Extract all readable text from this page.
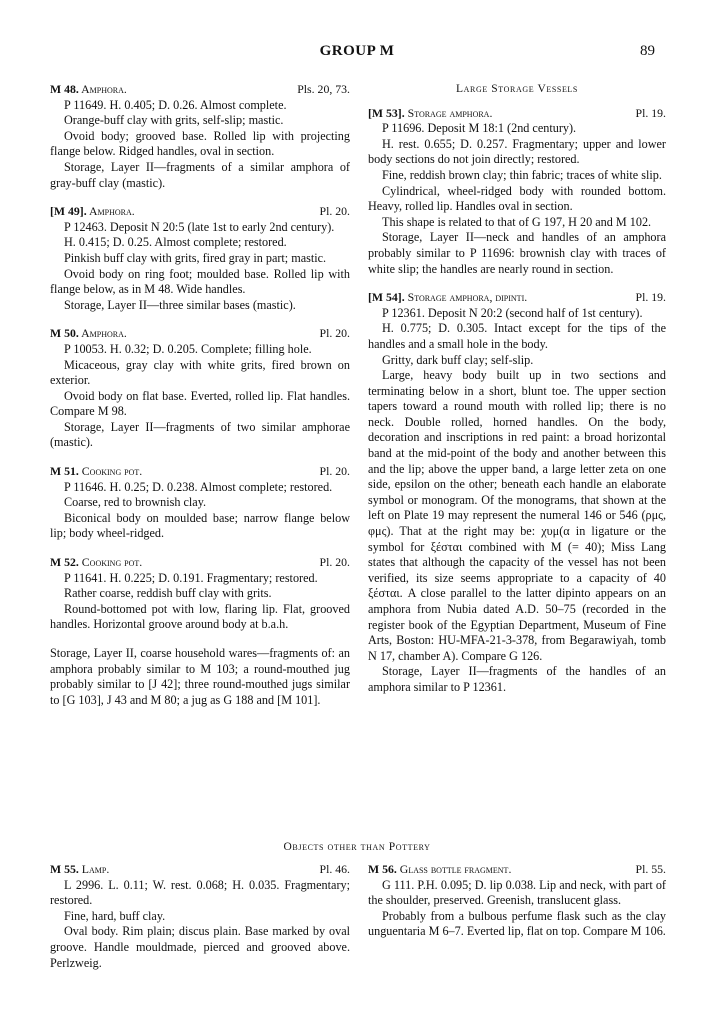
GROUP M	89
M 48. Amphora.	Pls. 20, 73.

P 11649. H. 0.405; D. 0.26. Almost complete.

Orange-buff clay with grits, self-slip; mastic.

Ovoid body; grooved base. Rolled lip with projecting flange below. Ridged handles, oval in section.

Storage, Layer II—fragments of a similar amphora of gray-buff clay (mastic).

[M 49]. Amphora.	Pl. 20.

P 12463. Deposit N 20:5 (late 1st to early 2nd century).

H. 0.415; D. 0.25. Almost complete; restored.

Pinkish buff clay with grits, fired gray in part; mastic.

Ovoid body on ring foot; moulded base. Rolled lip with flange below, as in M 48. Wide handles.

Storage, Layer II—three similar bases (mastic).

M 50. Amphora.	Pl. 20.

P 10053. H. 0.32; D. 0.205. Complete; filling hole.

Micaceous, gray clay with white grits, fired brown on exterior.

Ovoid body on flat base. Everted, rolled lip. Flat handles. Compare M 98.

Storage, Layer II—fragments of two similar amphorae (mastic).

M 51. Cooking pot.	Pl. 20.

P 11646. H. 0.25; D. 0.238. Almost complete; restored.

Coarse, red to brownish clay.

Biconical body on moulded base; narrow flange below lip; body wheel-ridged.

M 52. Cooking pot.	Pl. 20.

P 11641. H. 0.225; D. 0.191. Fragmentary; restored.

Rather coarse, reddish buff clay with grits.

Round-bottomed pot with low, flaring lip. Flat, grooved handles. Horizontal groove around body at b.a.h.

Storage, Layer II, coarse household wares—fragments of: an amphora probably similar to M 103; a round-mouthed jug probably similar to [J 42]; three round-mouthed jugs similar to [G 103], J 43 and M 80; a jug as G 188 and [M 101].

Large Storage Vessels
[M 53]. Storage amphora.	Pl. 19.

P 11696. Deposit M 18:1 (2nd century).

H. rest. 0.655; D. 0.257. Fragmentary; upper and lower body sections do not join directly; restored.

Fine, reddish brown clay; thin fabric; traces of white slip.

Cylindrical, wheel-ridged body with rounded bottom. Heavy, rolled lip. Handles oval in section.

This shape is related to that of G 197, H 20 and M 102.

Storage, Layer II—neck and handles of an amphora probably similar to P 11696: brownish clay with traces of white slip; the handles are nearly round in section.

[M 54]. Storage amphora, dipinti.	Pl. 19.

P 12361. Deposit N 20:2 (second half of 1st century).

H. 0.775; D. 0.305. Intact except for the tips of the handles and a small hole in the body.

Gritty, dark buff clay; self-slip.

Large, heavy body built up in two sections and terminating below in a short, blunt toe. The upper section tapers toward a round mouth with rolled lip; there is no neck. Double rolled, horned handles. On the body, decoration and inscriptions in red paint: a broad horizontal band at the mid-point of the body and another between this and the lip; above the upper band, a large letter zeta on one side, epsilon on the other; beneath each handle an elaborate symbol or monogram. Of the monograms, that shown at the left on Plate 19 may represent the numeral 146 or 546 (ρμς, φμς). That at the right may be: χυμ(α in ligature or the symbol for ξέσται combined with Μ (= 40); Miss Lang states that although the capacity of the vessel has not been verified, its size seems appropriate to a capacity of 40 ξέσται. A close parallel to the latter dipinto appears on an amphora from Nubia dated A.D. 50–75 (recorded in the register book of the Egyptian Department, Museum of Fine Arts, Boston: HU-MFA-21-3-378, from Begarawiyah, tomb N 17, chamber A). Compare G 126.

Storage, Layer II—fragments of the handles of an amphora similar to P 12361.

Objects other than Pottery
M 55. Lamp.	Pl. 46.

L 2996. L. 0.11; W. rest. 0.068; H. 0.035. Fragmentary; restored.

Fine, hard, buff clay.

Oval body. Rim plain; discus plain. Base marked by oval groove. Handle mouldmade, pierced and grooved above. Perlzweig.

M 56. Glass bottle fragment.	Pl. 55.

G 111. P.H. 0.095; D. lip 0.038. Lip and neck, with part of the shoulder, preserved. Greenish, translucent glass.

Probably from a bulbous perfume flask such as the clay unguentaria M 6–7. Everted lip, flat on top. Compare M 106.
